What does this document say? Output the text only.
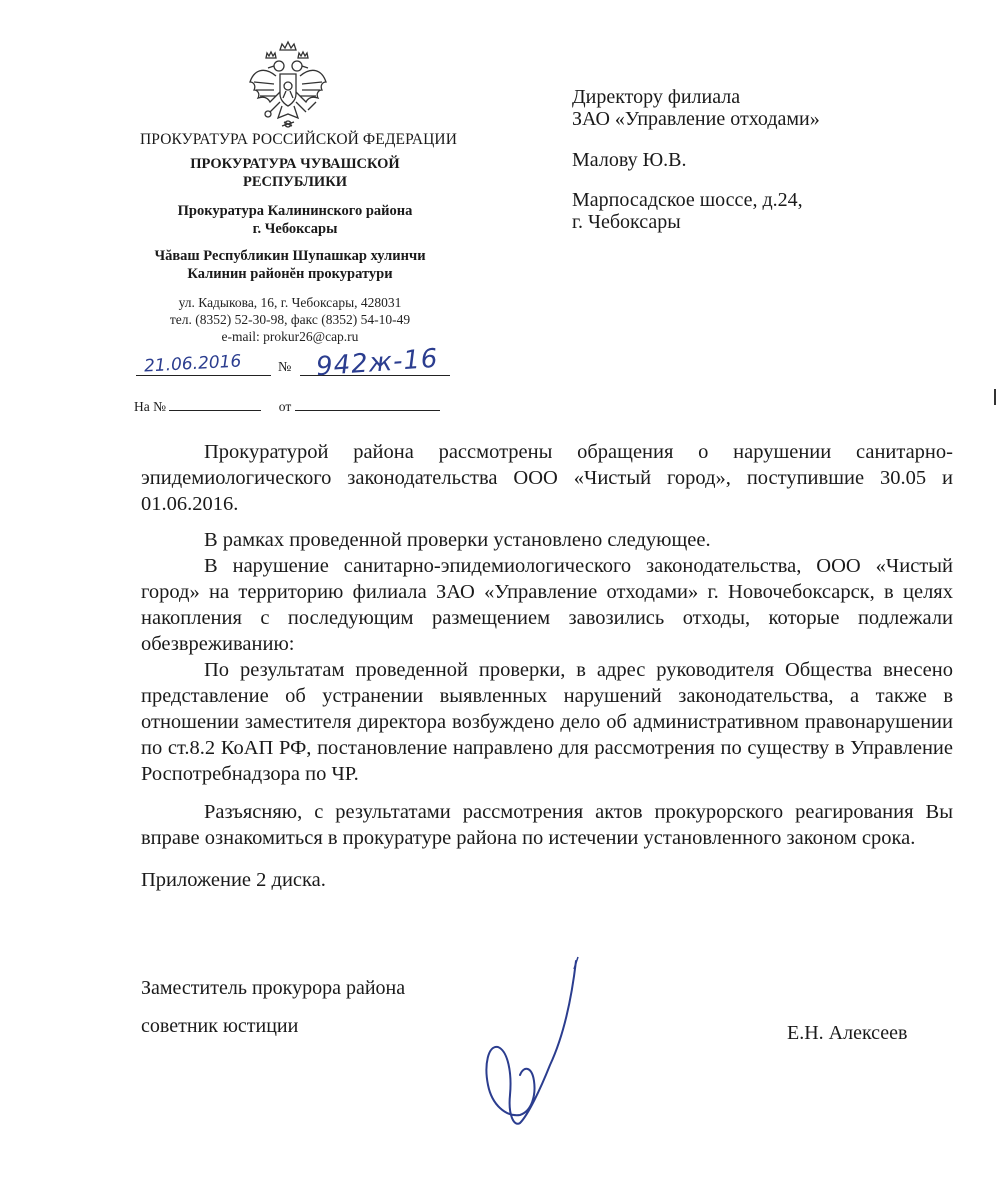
ПРОКУРАТУРА РОССИЙСКОЙ ФЕДЕРАЦИИ
ПРОКУРАТУРА ЧУВАШСКОЙ
РЕСПУБЛИКИ
Прокуратура Калининского района
г. Чебоксары
Чăваш Республикин Шупашкар хулинчи
Калинин районĕн прокуратури
ул. Кадыкова, 16, г. Чебоксары, 428031
тел. (8352) 52-30-98, факс (8352) 54-10-49
e-mail: prokur26@cap.ru
21.06.2016	№ 942ж-16
На №	от
Директору филиала
ЗАО «Управление отходами»
Малову Ю.В.
Марпосадское шоссе, д.24,
г. Чебоксары

Прокуратурой района рассмотрены обращения о нарушении санитарно-эпидемиологического законодательства ООО «Чистый город», поступившие 30.05 и 01.06.2016.

В рамках проведенной проверки установлено следующее.

В нарушение санитарно-эпидемиологического законодательства, ООО «Чистый город» на территорию филиала ЗАО «Управление отходами» г. Новочебоксарск, в целях накопления с последующим размещением завозились отходы, которые подлежали обезвреживанию:

По результатам проведенной проверки, в адрес руководителя Общества внесено представление об устранении выявленных нарушений законодательства, а также в отношении заместителя директора возбуждено дело об административном правонарушении по ст.8.2 КоАП РФ, постановление направлено для рассмотрения по существу в Управление Роспотребнадзора по ЧР.

Разъясняю, с результатами рассмотрения актов прокурорского реагирования Вы вправе ознакомиться в прокуратуре района по истечении установленного законом срока.

Приложение 2 диска.

Заместитель прокурора района
советник юстиции	Е.Н. Алексеев
